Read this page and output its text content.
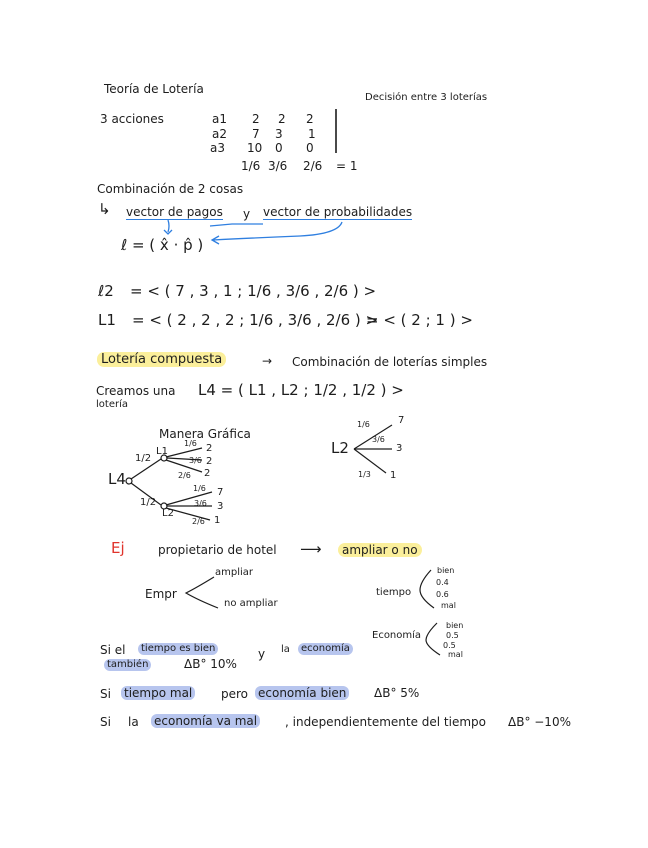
Teoría de Lotería
Decisión entre 3 loterías
3 acciones	a1 2 2 2
a2 7 3 1
a3 10 0 0
1/6 3/6 2/6 = 1
Combinación de 2 cosas
↳ vector de pagos y vector de probabilidades
ℓ = ( x̂ · p̂ )
ℓ2 = < ( 7 , 3 , 1 ; 1/6 , 3/6 , 2/6 ) >
L1 = < ( 2 , 2 , 2 ; 1/6 , 3/6 , 2/6 ) >
= < ( 2 ; 1 ) >
Lotería compuesta	→ Combinación de loterías simples
Creamos una
lotería
L4 = ( L1 , L2 ; 1/2 , 1/2 ) >
Manera Gráfica
L4
1/2
1/2
L1
L2
1/6 2
3/6 2
2/6 2
1/6 7
3/6 3
2/6 1
L2
1/6	7
3/6
3
1/3 1
Ej	propietario de hotel ⟶	ampliar o no
Empr
ampliar
no ampliar
tiempo
bien
0.4
0.6
mal
Economía
bien
0.5
0.5
mal
Si el	tiempo es bien	y la	economía
también	ΔB° 10%
Si tiempo mal pero economía bien ΔB° 5%
Si la economía va mal , independientemente del tiempo ΔB° −10%
